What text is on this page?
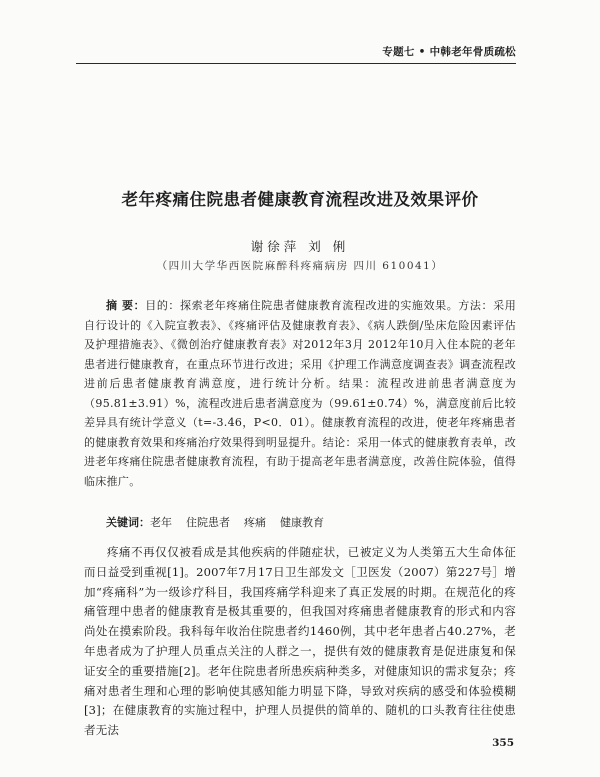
专题七 • 中韩老年骨质疏松
老年疼痛住院患者健康教育流程改进及效果评价
谢徐萍 刘 俐
（四川大学华西医院麻醉科疼痛病房 四川 610041）

摘 要：目的：探索老年疼痛住院患者健康教育流程改进的实施效果。方法：采用自行设计的《入院宣教表》、《疼痛评估及健康教育表》、《病人跌倒/坠床危险因素评估及护理措施表》、《微创治疗健康教育表》对2012年3月 2012年10月入住本院的老年患者进行健康教育，在重点环节进行改进；采用《护理工作满意度调查表》调查流程改进前后患者健康教育满意度，进行统计分析。结果：流程改进前患者满意度为（95.81±3.91）%，流程改进后患者满意度为（99.61±0.74）%，满意度前后比较差异具有统计学意义（t=-3.46，P<0．01）。健康教育流程的改进，使老年疼痛患者的健康教育效果和疼痛治疗效果得到明显提升。结论：采用一体式的健康教育表单，改进老年疼痛住院患者健康教育流程，有助于提高老年患者满意度，改善住院体验，值得临床推广。

关键词：老年 住院患者 疼痛 健康教育

疼痛不再仅仅被看成是其他疾病的伴随症状，已被定义为人类第五大生命体征而日益受到重视[1]。2007年7月17日卫生部发文［卫医发（2007）第227号］增加“疼痛科”为一级诊疗科目，我国疼痛学科迎来了真正发展的时期。在规范化的疼痛管理中患者的健康教育是极其重要的，但我国对疼痛患者健康教育的形式和内容尚处在摸索阶段。我科每年收治住院患者约1460例，其中老年患者占40.27%，老年患者成为了护理人员重点关注的人群之一，提供有效的健康教育是促进康复和保证安全的重要措施[2]。老年住院患者所患疾病种类多，对健康知识的需求复杂；疼痛对患者生理和心理的影响使其感知能力明显下降，导致对疾病的感受和体验模糊[3]；在健康教育的实施过程中，护理人员提供的简单的、随机的口头教育往往使患者无法

355
